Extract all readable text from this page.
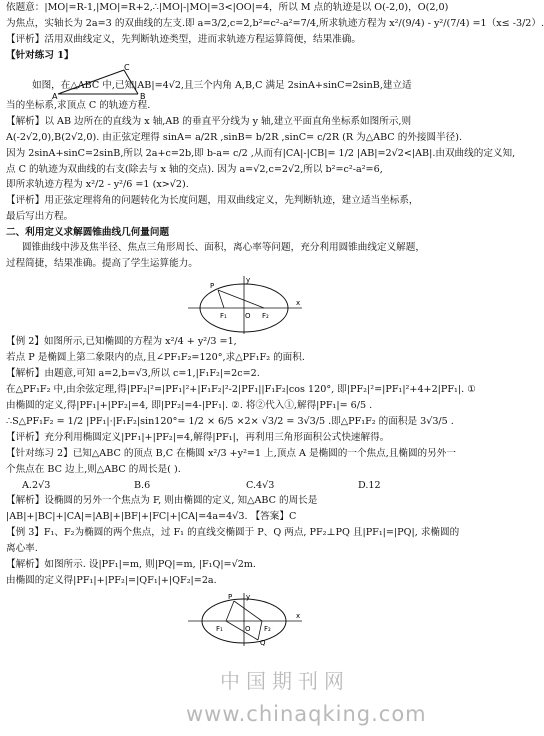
依题意：|MO|=R-1,|MO|=R+2,∴|MO|-|MO|=3<|OO|=4，所以 M 点的轨迹是以 O(-2,0)，O(2,0)
为焦点，实轴长为 2a=3 的双曲线的左支.即 a=3/2,c=2,b²=c²-a²=7/4,所求轨迹方程为 x²/(9/4) - y²/(7/4) =1（x≤ -3/2）.
【评析】活用双曲线定义，先判断轨迹类型，进而求轨迹方程运算简便，结果准确。
【针对练习 1】
A	B
C
如图，在△ABC 中,已知|AB|=4√2,且三个内角 A,B,C 满足 2sinA+sinC=2sinB,建立适
当的坐标系,求顶点 C 的轨迹方程.
【解析】以 AB 边所在的直线为 x 轴,AB 的垂直平分线为 y 轴,建立平面直角坐标系如图所示,则
A(-2√2,0),B(2√2,0). 由正弦定理得 sinA= a/2R ,sinB= b/2R ,sinC= c/2R (R 为△ABC 的外接圆半径).
因为 2sinA+sinC=2sinB,所以 2a+c=2b,即 b-a= c/2 ,从而有|CA|-|CB|= 1/2 |AB|=2√2<|AB|.由双曲线的定义知,
点 C 的轨迹为双曲线的右支(除去与 x 轴的交点). 因为 a=√2,c=2√2,所以 b²=c²-a²=6,
即所求轨迹方程为 x²/2 - y²/6 =1 (x>√2).
【评析】用正弦定理将角的问题转化为长度问题，用双曲线定义，先判断轨迹，建立适当坐标系，
最后写出方程。
二、利用定义求解圆锥曲线几何量问题
圆锥曲线中涉及焦半径、焦点三角形周长、面积，离心率等问题，充分利用圆锥曲线定义解题，
过程简捷，结果准确。提高了学生运算能力。
P
F₁	F₂
O
x
y
【例 2】如图所示,已知椭圆的方程为 x²/4 + y²/3 =1,
若点 P 是椭圆上第二象限内的点,且∠PF₁F₂=120°,求△PF₁F₂ 的面积.
【解析】由题意,可知 a=2,b=√3,所以 c=1,|F₁F₂|=2c=2.
在△PF₁F₂ 中,由余弦定理,得|PF₂|²=|PF₁|²+|F₁F₂|²-2|PF₁||F₁F₂|cos 120°, 即|PF₂|²=|PF₁|²+4+2|PF₁|. ①
由椭圆的定义,得|PF₁|+|PF₂|=4, 即|PF₂|=4-|PF₁|. ②. 将②代入①,解得|PF₁|= 6/5 .
∴S△PF₁F₂ = 1/2 |PF₁|·|F₁F₂|sin120°= 1/2 × 6/5 ×2× √3/2 = 3√3/5 .即△PF₁F₂ 的面积是 3√3/5 .
【评析】充分利用椭圆定义|PF₁|+|PF₂|=4,解得|PF₁|，再利用三角形面积公式快速解得。
【针对练习 2】已知△ABC 的顶点 B,C 在椭圆 x²/3 +y²=1 上,顶点 A 是椭圆的一个焦点,且椭圆的另外一
个焦点在 BC 边上,则△ABC 的周长是( ).
A.2√3	B.6	C.4√3	D.12
【解析】设椭圆的另外一个焦点为 F, 则由椭圆的定义, 知△ABC 的周长是
|AB|+|BC|+|CA|=|AB|+|BF|+|FC|+|CA|=4a=4√3. 【答案】C
【例 3】F₁、F₂为椭圆的两个焦点，过 F₁ 的直线交椭圆于 P、Q 两点, PF₂⊥PQ 且|PF₁|=|PQ|, 求椭圆的
离心率.
【解析】如图所示. 设|PF₁|=m, 则|PQ|=m, |F₁Q|=√2m.
由椭圆的定义得|PF₁|+|PF₂|=|QF₁|+|QF₂|=2a.
P
Q
F₁	F₂
O
x
y
中国期刊网
www.chinaqking.com
